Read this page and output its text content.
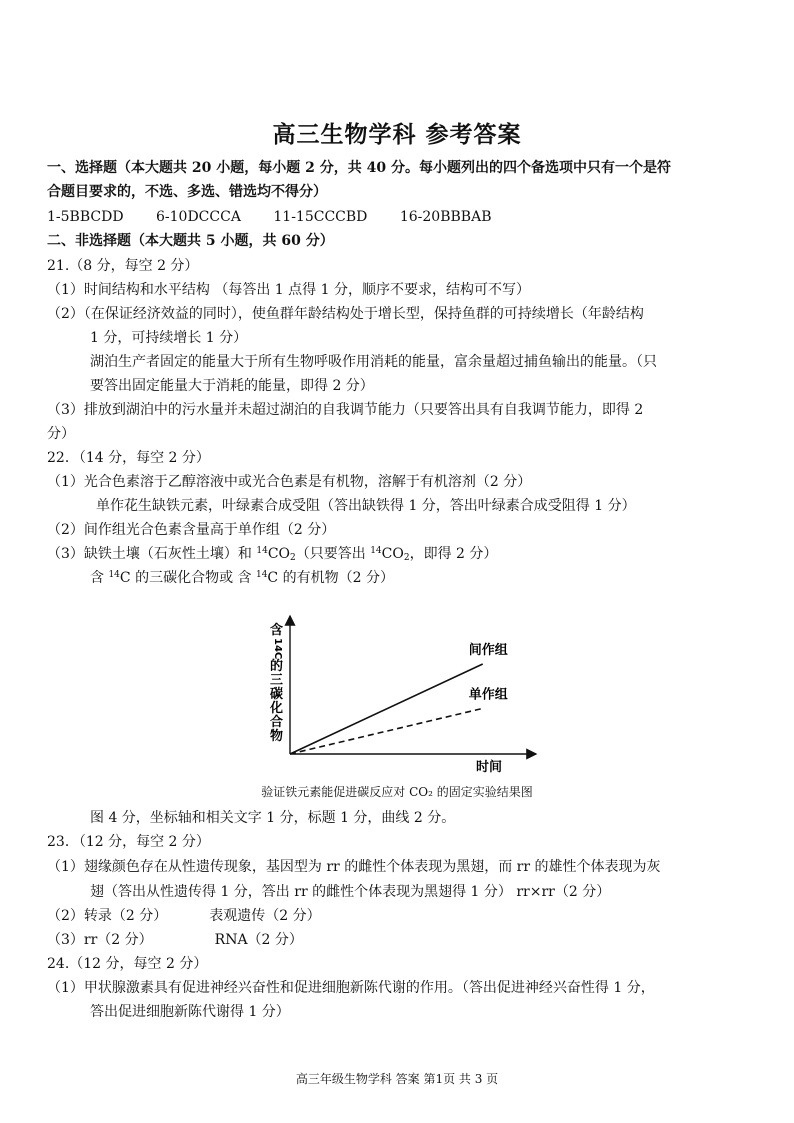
高三生物学科 参考答案
一、选择题（本大题共 20 小题，每小题 2 分，共 40 分。每小题列出的四个备选项中只有一个是符
合题目要求的，不选、多选、错选均不得分）
1-5BBCDD 6-10DCCCA 11-15CCCBD 16-20BBBAB
二、非选择题（本大题共 5 小题，共 60 分）
21.（8 分，每空 2 分）
（1）时间结构和水平结构 （每答出 1 点得 1 分，顺序不要求，结构可不写）
（2）（在保证经济效益的同时），使鱼群年龄结构处于增长型，保持鱼群的可持续增长（年龄结构
1 分，可持续增长 1 分）
湖泊生产者固定的能量大于所有生物呼吸作用消耗的能量，富余量超过捕鱼输出的能量。（只
要答出固定能量大于消耗的能量，即得 2 分）
（3）排放到湖泊中的污水量并未超过湖泊的自我调节能力（只要答出具有自我调节能力，即得 2
分）
22．（14 分，每空 2 分）
（1）光合色素溶于乙醇溶液中或光合色素是有机物，溶解于有机溶剂（2 分）
单作花生缺铁元素，叶绿素合成受阻（答出缺铁得 1 分，答出叶绿素合成受阻得 1 分）
（2）间作组光合色素含量高于单作组（2 分）
（3）缺铁土壤（石灰性土壤）和 $^{14}CO_2$（只要答出 $^{14}CO_2$，即得 2 分）
含 $^{14}$C 的三碳化合物或 含 $^{14}$C 的有机物（2 分）
含
14C
的
三
碳
化
合
物
间作组
单作组
时间
验证铁元素能促进碳反应对 CO₂ 的固定实验结果图
图 4 分，坐标轴和相关文字 1 分，标题 1 分，曲线 2 分。
23．（12 分，每空 2 分）
（1）翅缘颜色存在从性遗传现象，基因型为 rr 的雌性个体表现为黑翅，而 rr 的雄性个体表现为灰
翅（答出从性遗传得 1 分，答出 rr 的雌性个体表现为黑翅得 1 分） rr×rr（2 分）
（2）转录（2 分）	表观遗传（2 分）
（3）rr（2 分）	RNA（2 分）
24.（12 分，每空 2 分）
（1）甲状腺激素具有促进神经兴奋性和促进细胞新陈代谢的作用。（答出促进神经兴奋性得 1 分，
答出促进细胞新陈代谢得 1 分）
高三年级生物学科 答案 第1页 共 3 页
